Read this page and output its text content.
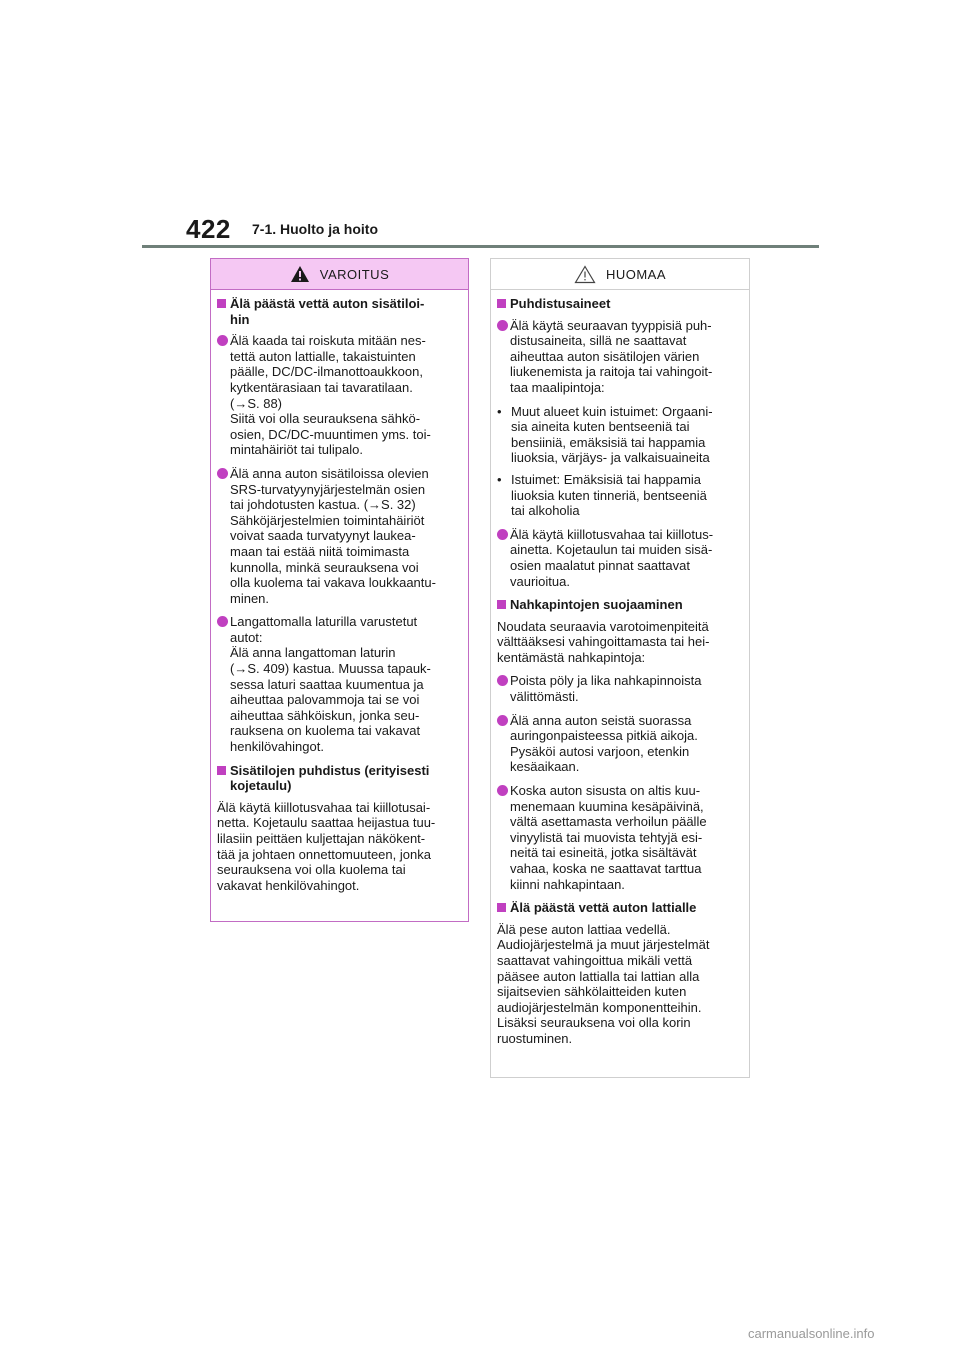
422 7-1. Huolto ja hoito
VAROITUS
Älä päästä vettä auton sisätiloi-
hin
Älä kaada tai roiskuta mitään nes-
tettä auton lattialle, takaistuinten
päälle, DC/DC-ilmanottoaukkoon,
kytkentärasiaan tai tavaratilaan.
(→S. 88)
Siitä voi olla seurauksena sähkö-
osien, DC/DC-muuntimen yms. toi-
mintahäiriöt tai tulipalo.
Älä anna auton sisätiloissa olevien
SRS-turvatyynyjärjestelmän osien
tai johdotusten kastua. (→S. 32)
Sähköjärjestelmien toimintahäiriöt
voivat saada turvatyynyt laukea-
maan tai estää niitä toimimasta
kunnolla, minkä seurauksena voi
olla kuolema tai vakava loukkaantu-
minen.
Langattomalla laturilla varustetut
autot:
Älä anna langattoman laturin
(→S. 409) kastua. Muussa tapauk-
sessa laturi saattaa kuumentua ja
aiheuttaa palovammoja tai se voi
aiheuttaa sähköiskun, jonka seu-
rauksena on kuolema tai vakavat
henkilövahingot.
Sisätilojen puhdistus (erityisesti
kojetaulu)
Älä käytä kiillotusvahaa tai kiillotusai-
netta. Kojetaulu saattaa heijastua tuu-
lilasiin peittäen kuljettajan näkökent-
tää ja johtaen onnettomuuteen, jonka
seurauksena voi olla kuolema tai
vakavat henkilövahingot.
HUOMAA
Puhdistusaineet
Älä käytä seuraavan tyyppisiä puh-
distusaineita, sillä ne saattavat
aiheuttaa auton sisätilojen värien
liukenemista ja raitoja tai vahingoit-
taa maalipintoja:
• Muut alueet kuin istuimet: Orgaani-
sia aineita kuten bentseeniä tai
bensiiniä, emäksisiä tai happamia
liuoksia, värjäys- ja valkaisuaineita
• Istuimet: Emäksisiä tai happamia
liuoksia kuten tinneriä, bentseeniä
tai alkoholia
Älä käytä kiillotusvahaa tai kiillotus-
ainetta. Kojetaulun tai muiden sisä-
osien maalatut pinnat saattavat
vaurioitua.
Nahkapintojen suojaaminen
Noudata seuraavia varotoimenpiteitä
välttääksesi vahingoittamasta tai hei-
kentämästä nahkapintoja:
Poista pöly ja lika nahkapinnoista
välittömästi.
Älä anna auton seistä suorassa
auringonpaisteessa pitkiä aikoja.
Pysäköi autosi varjoon, etenkin
kesäaikaan.
Koska auton sisusta on altis kuu-
menemaan kuumina kesäpäivinä,
vältä asettamasta verhoilun päälle
vinyylistä tai muovista tehtyjä esi-
neitä tai esineitä, jotka sisältävät
vahaa, koska ne saattavat tarttua
kiinni nahkapintaan.
Älä päästä vettä auton lattialle
Älä pese auton lattiaa vedellä.
Audiojärjestelmä ja muut järjestelmät
saattavat vahingoittua mikäli vettä
pääsee auton lattialla tai lattian alla
sijaitsevien sähkölaitteiden kuten
audiojärjestelmän komponentteihin.
Lisäksi seurauksena voi olla korin
ruostuminen.
carmanualsonline.info
